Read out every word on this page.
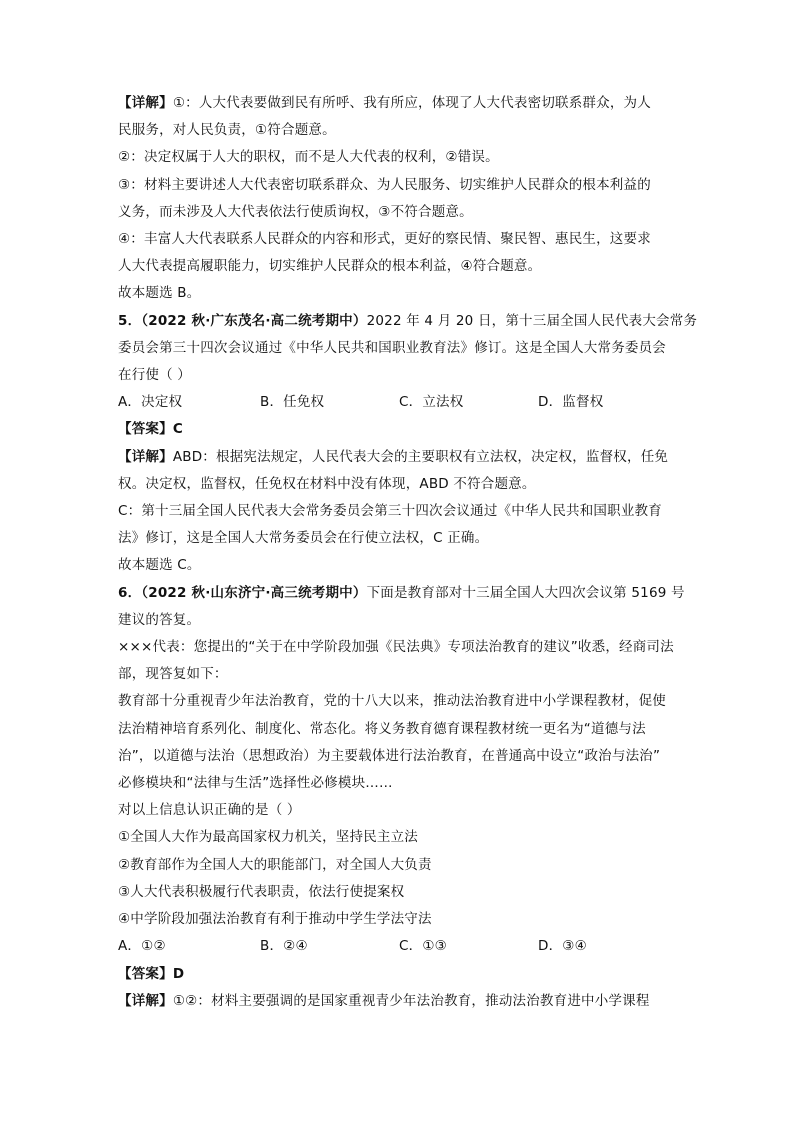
【详解】①：人大代表要做到民有所呼、我有所应，体现了人大代表密切联系群众，为人
民服务，对人民负责，①符合题意。
②：决定权属于人大的职权，而不是人大代表的权利，②错误。
③：材料主要讲述人大代表密切联系群众、为人民服务、切实维护人民群众的根本利益的
义务，而未涉及人大代表依法行使质询权，③不符合题意。
④：丰富人大代表联系人民群众的内容和形式，更好的察民情、聚民智、惠民生，这要求
人大代表提高履职能力，切实维护人民群众的根本利益，④符合题意。
故本题选 B。
5．（2022 秋·广东茂名·高二统考期中）2022 年 4 月 20 日，第十三届全国人民代表大会常务
委员会第三十四次会议通过《中华人民共和国职业教育法》修订。这是全国人大常务委员会
在行使（ ）
A．决定权	B．任免权	C．立法权	D．监督权
【答案】C
【详解】ABD：根据宪法规定，人民代表大会的主要职权有立法权，决定权，监督权，任免
权。决定权，监督权，任免权在材料中没有体现，ABD 不符合题意。
C：第十三届全国人民代表大会常务委员会第三十四次会议通过《中华人民共和国职业教育
法》修订，这是全国人大常务委员会在行使立法权，C 正确。
故本题选 C。
6．（2022 秋·山东济宁·高三统考期中）下面是教育部对十三届全国人大四次会议第 5169 号
建议的答复。
×××代表：您提出的“关于在中学阶段加强《民法典》专项法治教育的建议”收悉，经商司法
部，现答复如下：
教育部十分重视青少年法治教育，党的十八大以来，推动法治教育进中小学课程教材，促使
法治精神培育系列化、制度化、常态化。将义务教育德育课程教材统一更名为“道德与法
治”，以道德与法治（思想政治）为主要载体进行法治教育，在普通高中设立“政治与法治”
必修模块和“法律与生活”选择性必修模块……
对以上信息认识正确的是（ ）
①全国人大作为最高国家权力机关，坚持民主立法
②教育部作为全国人大的职能部门，对全国人大负责
③人大代表积极履行代表职责，依法行使提案权
④中学阶段加强法治教育有利于推动中学生学法守法
A．①②	B．②④	C．①③	D．③④
【答案】D
【详解】①②：材料主要强调的是国家重视青少年法治教育，推动法治教育进中小学课程
